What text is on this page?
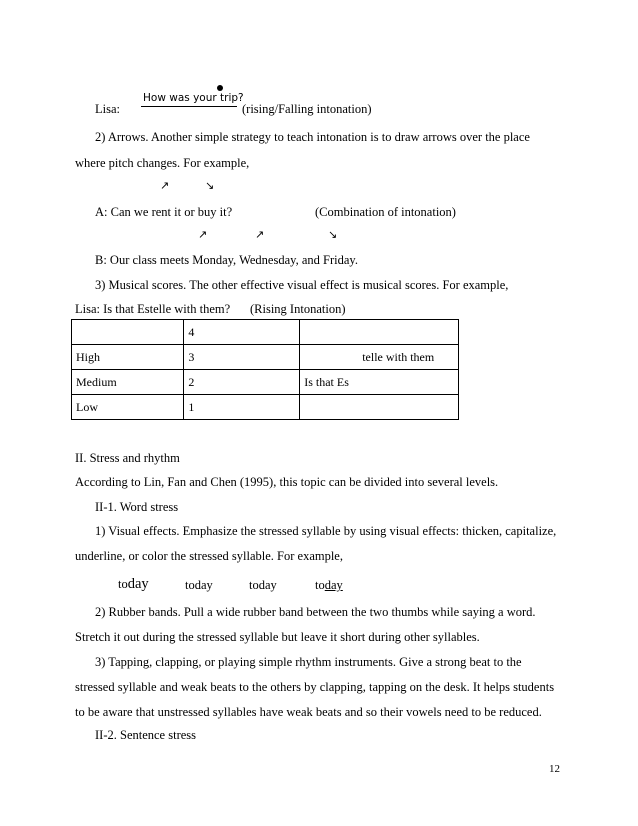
How was your trip?
Lisa:	(rising/Falling intonation)
2) Arrows. Another simple strategy to teach intonation is to draw arrows over the place
where pitch changes. For example,
↗	↘
A: Can we rent it or buy it?	(Combination of intonation)
↗	↗	↘
B: Our class meets Monday, Wednesday, and Friday.
3) Musical scores. The other effective visual effect is musical scores. For example,
Lisa: Is that Estelle with them? (Rising Intonation)
	4	
High	3	telle with them
Medium	2	Is that Es
Low	1	
II. Stress and rhythm
According to Lin, Fan and Chen (1995), this topic can be divided into several levels.
II-1. Word stress
1) Visual effects. Emphasize the stressed syllable by using visual effects: thicken, capitalize,
underline, or color the stressed syllable. For example,
today	today	today	today
2) Rubber bands. Pull a wide rubber band between the two thumbs while saying a word.
Stretch it out during the stressed syllable but leave it short during other syllables.
3) Tapping, clapping, or playing simple rhythm instruments. Give a strong beat to the
stressed syllable and weak beats to the others by clapping, tapping on the desk. It helps students
to be aware that unstressed syllables have weak beats and so their vowels need to be reduced.
II-2. Sentence stress
12
